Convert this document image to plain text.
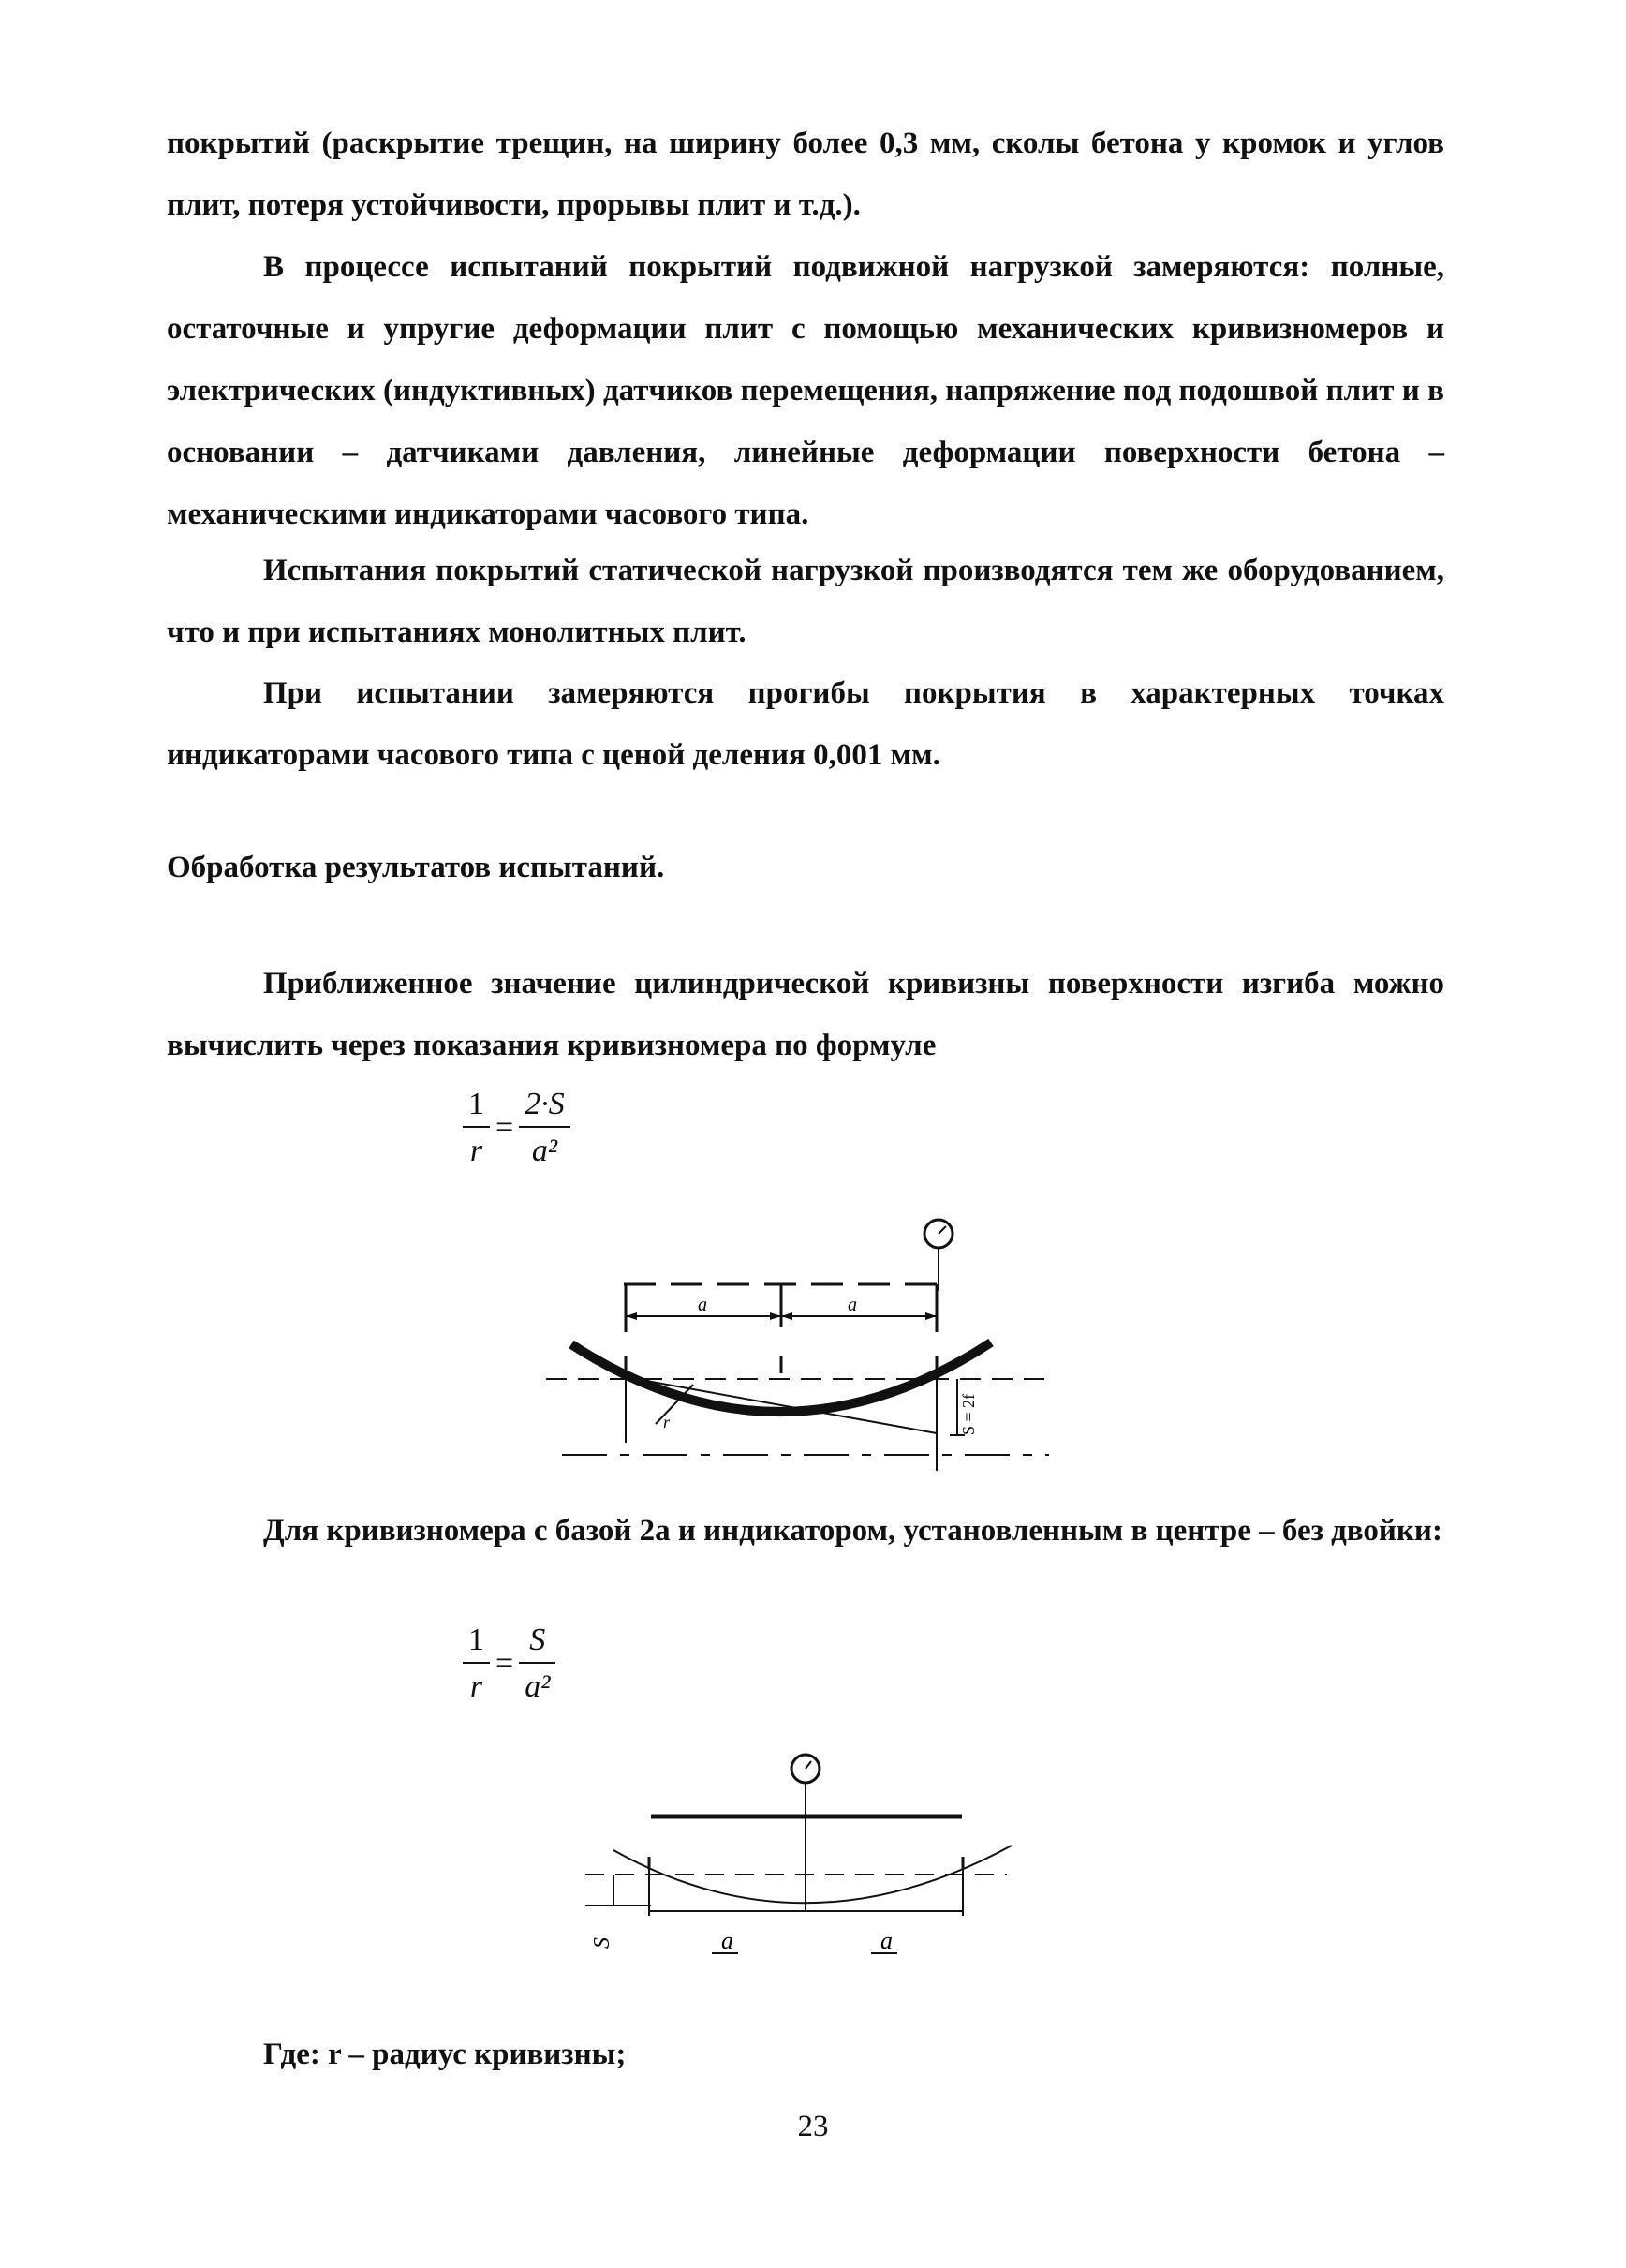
покрытий (раскрытие трещин, на ширину более 0,3 мм, сколы бетона у кромок и углов плит, потеря устойчивости, прорывы плит и т.д.).
В процессе испытаний покрытий подвижной нагрузкой замеряются: полные, остаточные и упругие деформации плит с помощью механических кривизномеров и электрических (индуктивных) датчиков перемещения, напряжение под подошвой плит и в основании – датчиками давления, линейные деформации поверхности бетона – механическими индикаторами часового типа.
Испытания покрытий статической нагрузкой производятся тем же оборудованием, что и при испытаниях монолитных плит.
При испытании замеряются прогибы покрытия в характерных точках индикаторами часового типа с ценой деления 0,001 мм.
Обработка результатов испытаний.
Приближенное значение цилиндрической кривизны поверхности изгиба можно вычислить через показания кривизномера по формуле
$\frac{1}{r} = \frac{2\cdot S}{\text{a²}}$
a	a
S = 2f
r
Для кривизномера с базой 2а и индикатором, установленным в центре – без двойки:
$\frac{1}{r} = \frac{S}{\text{a²}}$
S	a	a
Где: r – радиус кривизны;
23
